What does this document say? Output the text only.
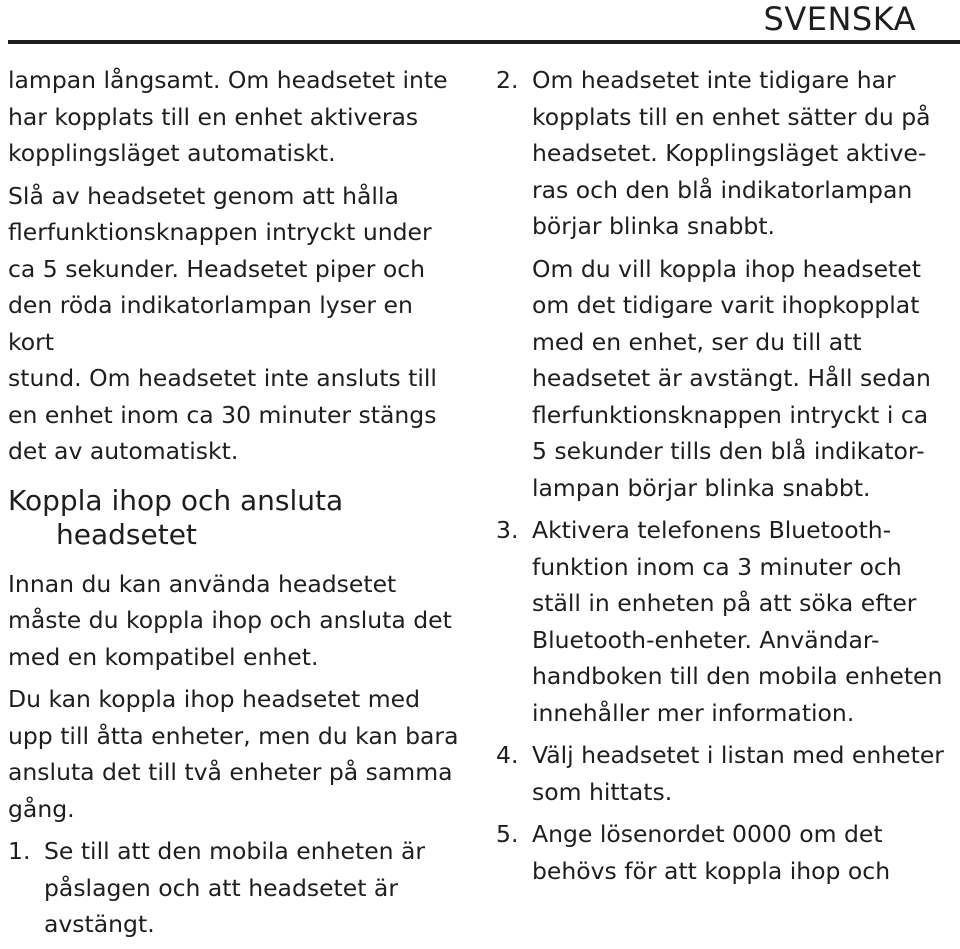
SVENSKA

lampan långsamt. Om headsetet inte
har kopplats till en enhet aktiveras
kopplingsläget automatiskt.

Slå av headsetet genom att hålla
flerfunktionsknappen intryckt under
ca 5 sekunder. Headsetet piper och
den röda indikatorlampan lyser en kort
stund. Om headsetet inte ansluts till
en enhet inom ca 30 minuter stängs
det av automatiskt.

Koppla ihop och ansluta
headsetet

Innan du kan använda headsetet
måste du koppla ihop och ansluta det
med en kompatibel enhet.

Du kan koppla ihop headsetet med
upp till åtta enheter, men du kan bara
ansluta det till två enheter på samma
gång.

1. Se till att den mobila enheten är
påslagen och att headsetet är
avstängt.
2. Om headsetet inte tidigare har
kopplats till en enhet sätter du på
headsetet. Kopplingsläget aktive-
ras och den blå indikatorlampan
börjar blinka snabbt.

Om du vill koppla ihop headsetet
om det tidigare varit ihopkopplat
med en enhet, ser du till att
headsetet är avstängt. Håll sedan
flerfunktionsknappen intryckt i ca
5 sekunder tills den blå indikator-
lampan börjar blinka snabbt.

3. Aktivera telefonens Bluetooth-
funktion inom ca 3 minuter och
ställ in enheten på att söka efter
Bluetooth-enheter. Användar-
handboken till den mobila enheten
innehåller mer information.
4. Välj headsetet i listan med enheter
som hittats.
5. Ange lösenordet 0000 om det
behövs för att koppla ihop och
